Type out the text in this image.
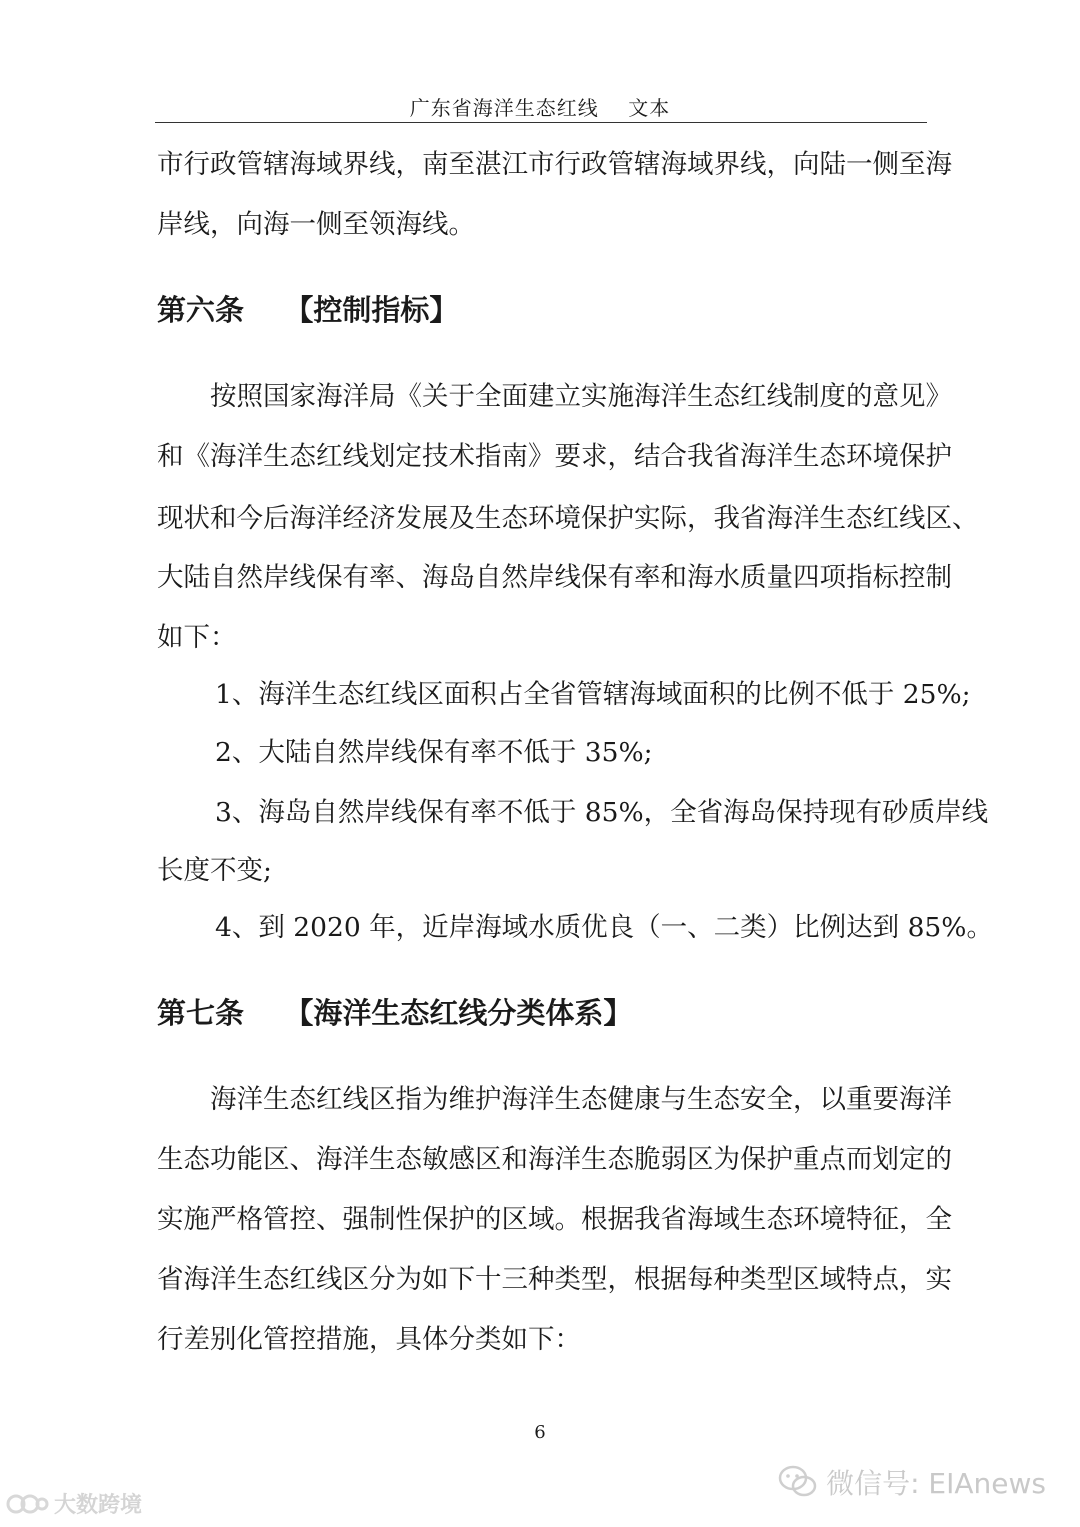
广东省海洋生态红线    文本
市行政管辖海域界线，南至湛江市行政管辖海域界线，向陆一侧至海
岸线，向海一侧至领海线。
第六条    【控制指标】
按照国家海洋局《关于全面建立实施海洋生态红线制度的意见》
和《海洋生态红线划定技术指南》要求，结合我省海洋生态环境保护
现状和今后海洋经济发展及生态环境保护实际，我省海洋生态红线区、
大陆自然岸线保有率、海岛自然岸线保有率和海水质量四项指标控制
如下：
1、海洋生态红线区面积占全省管辖海域面积的比例不低于 25%;
2、大陆自然岸线保有率不低于 35%;
3、海岛自然岸线保有率不低于 85%，全省海岛保持现有砂质岸线
长度不变;
4、到 2020 年，近岸海域水质优良（一、二类）比例达到 85%。
第七条    【海洋生态红线分类体系】
海洋生态红线区指为维护海洋生态健康与生态安全，以重要海洋
生态功能区、海洋生态敏感区和海洋生态脆弱区为保护重点而划定的
实施严格管控、强制性保护的区域。根据我省海域生态环境特征，全
省海洋生态红线区分为如下十三种类型，根据每种类型区域特点，实
行差别化管控措施，具体分类如下：
6
微信号: EIAnews
大数跨境
